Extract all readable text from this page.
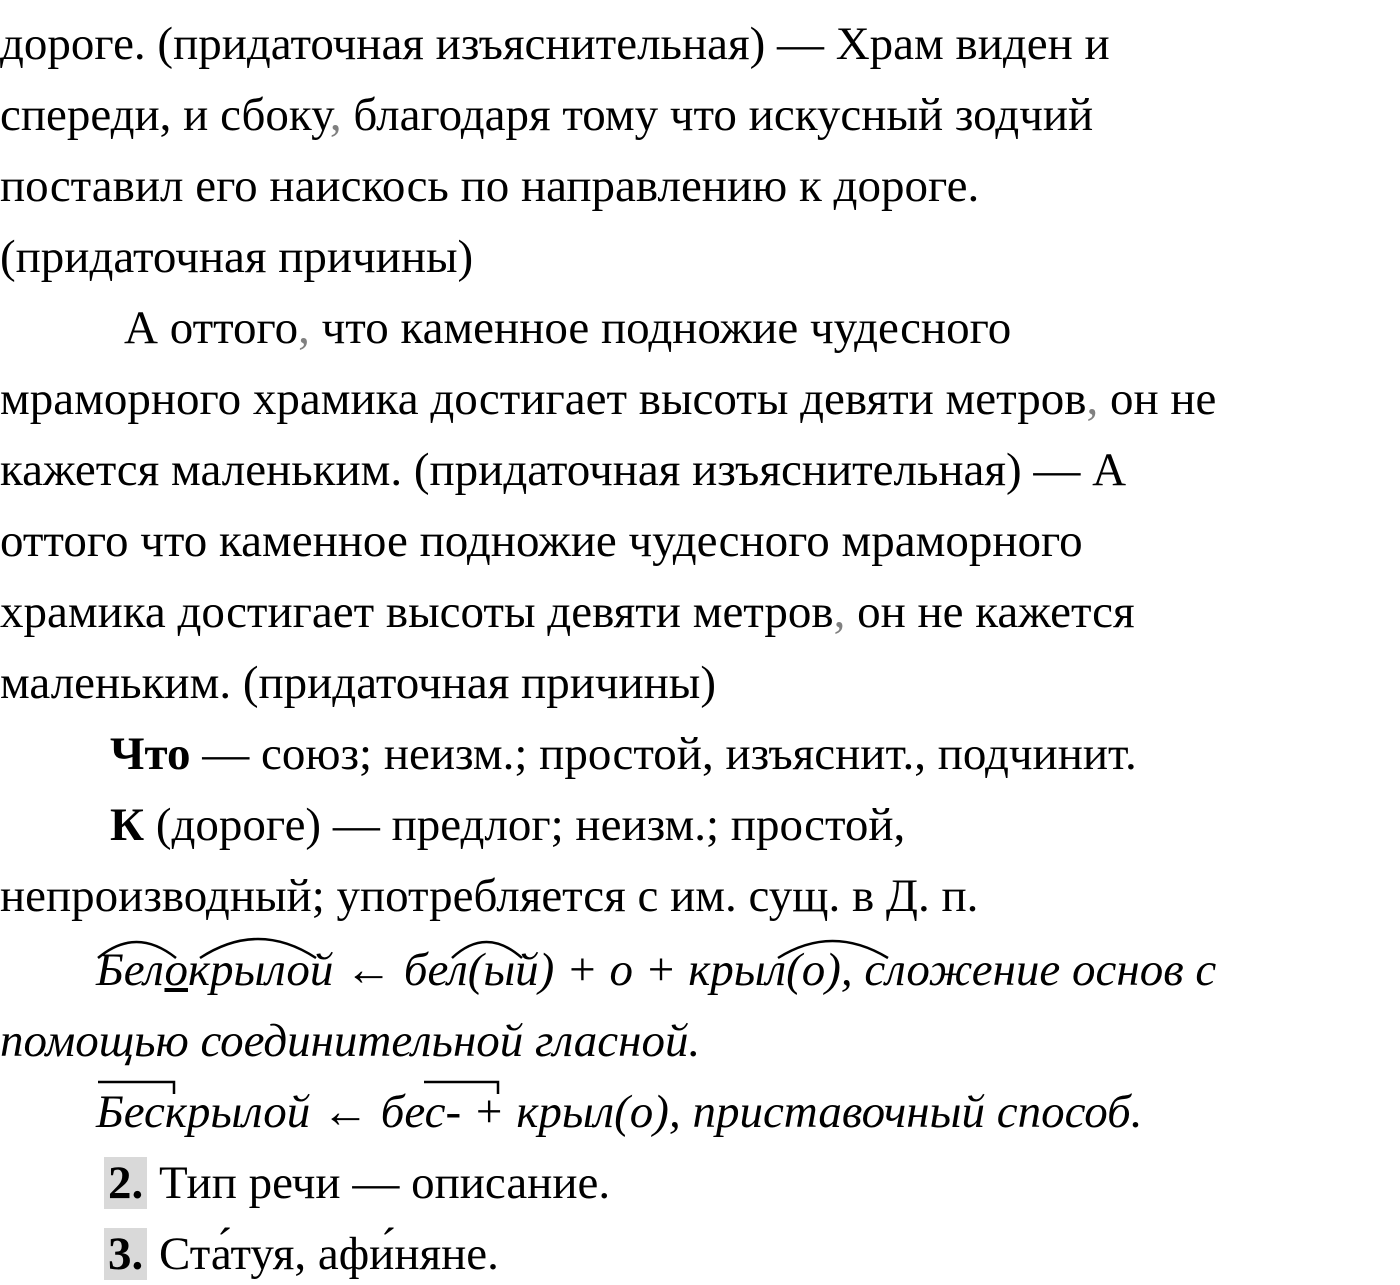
дороге. (придаточная изъяснительная) — Храм виден и
спереди, и сбоку, благодаря тому что искусный зодчий
поставил его наискось по направлению к дороге.
(придаточная причины)
А оттого, что каменное подножие чудесного
мраморного храмика достигает высоты девяти метров, он не
кажется маленьким. (придаточная изъяснительная) — А
оттого что каменное подножие чудесного мраморного
храмика достигает высоты девяти метров, он не кажется
маленьким. (придаточная причины)
Что — союз; неизм.; простой, изъяснит., подчинит.
К (дороге) — предлог; неизм.; простой,
непроизводный; употребляется с им. сущ. в Д. п.
Белокрылой ← бел(ый) + о + крыл(о), сложение основ с
помощью соединительной гласной.
Бескрылой ← бес- + крыл(о), приставочный способ.
2. Тип речи — описание.
3. Ста́туя, афи́няне.
